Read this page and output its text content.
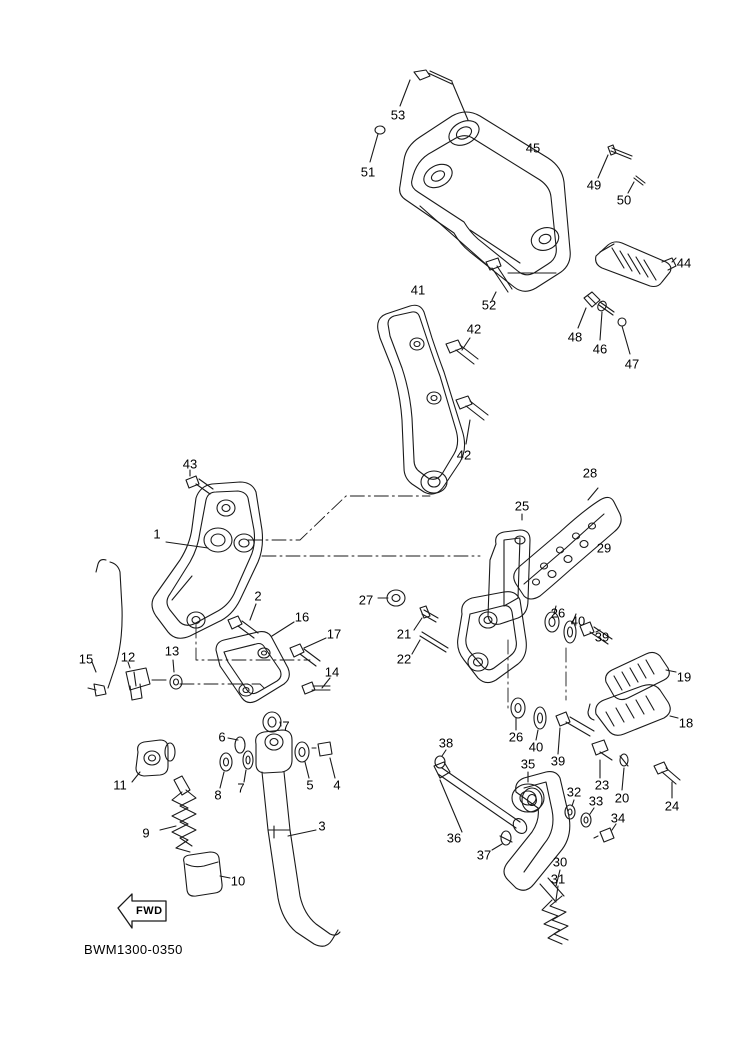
FWD
BWM1300-0350
1
2
3
4
5
6
7
7
8
9
10
11
12 13
14
15
16
17
18
19
20
21
22
23
24
25
26
26
27
28
29
30
31
32
33
34
35
36
37
38
39
39
40
40
41
42
42
43
44
45
46
47
48
49
50
51
52
53
